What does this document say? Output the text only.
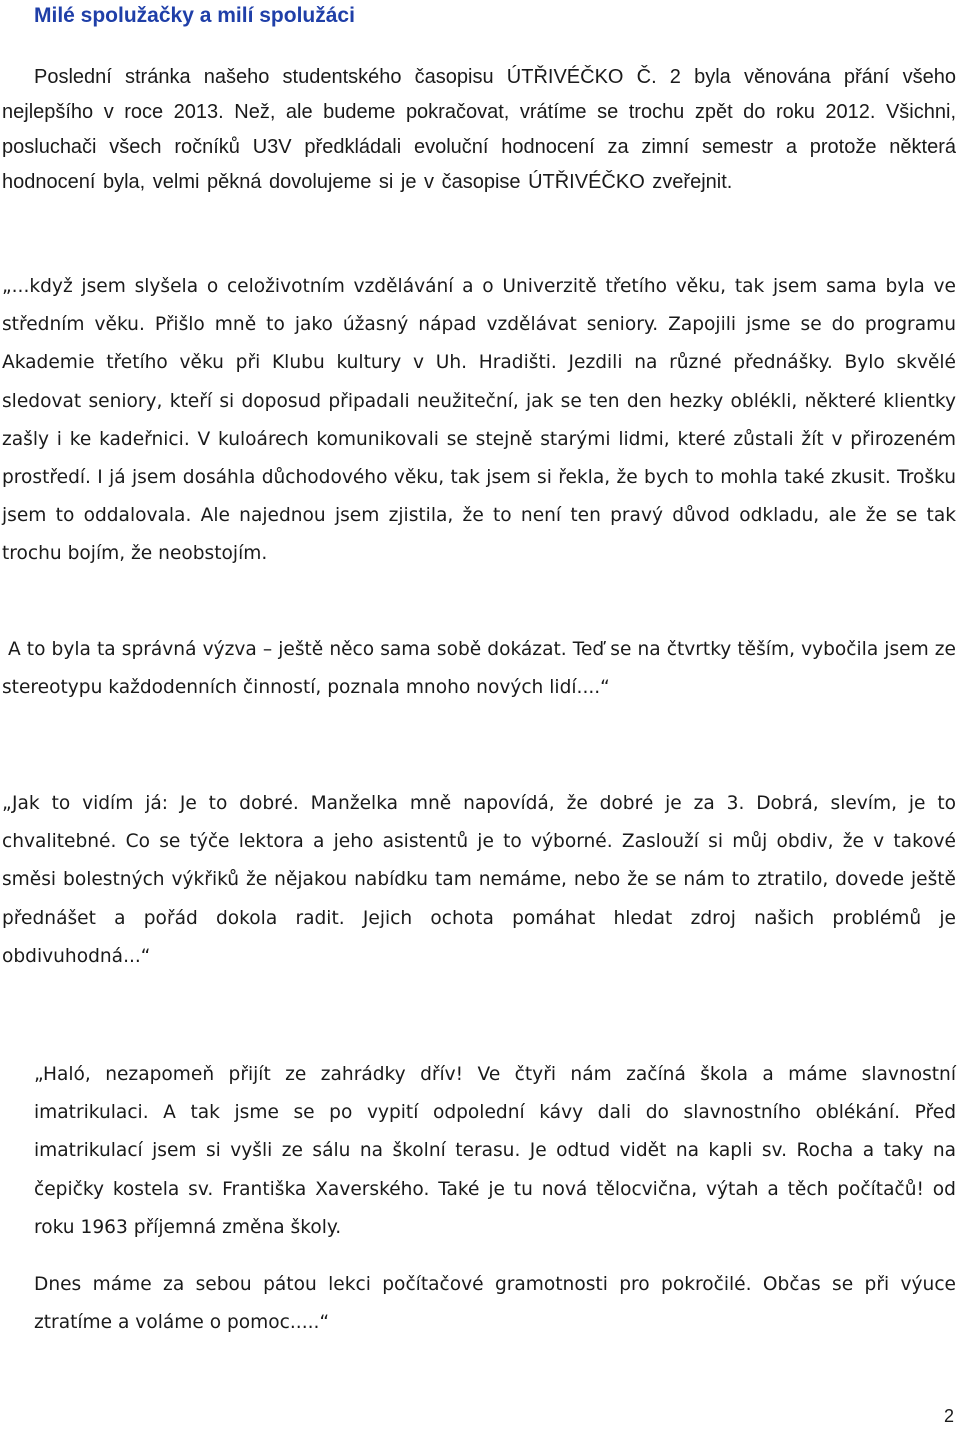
Milé spolužačky a milí spolužáci

Poslední stránka našeho studentského časopisu ÚTŘIVÉČKO Č. 2 byla věnována přání všeho nejlepšího v roce 2013. Než, ale budeme pokračovat, vrátíme se trochu zpět do roku 2012. Všichni, posluchači všech ročníků U3V předkládali evoluční hodnocení za zimní semestr a protože některá hodnocení byla, velmi pěkná dovolujeme si je v časopise ÚTŘIVÉČKO zveřejnit.

„...když jsem slyšela o celoživotním vzdělávání a o Univerzitě třetího věku, tak jsem sama byla ve středním věku. Přišlo mně to jako úžasný nápad vzdělávat seniory. Zapojili jsme se do programu Akademie třetího věku při Klubu kultury v Uh. Hradišti. Jezdili na různé přednášky. Bylo skvělé sledovat seniory, kteří si doposud připadali neužiteční, jak se ten den hezky oblékli, některé klientky zašly i ke kadeřnici. V kuloárech komunikovali se stejně starými lidmi, které zůstali žít v přirozeném prostředí. I já jsem dosáhla důchodového věku, tak jsem si řekla, že bych to mohla také zkusit. Trošku jsem to oddalovala. Ale najednou jsem zjistila, že to není ten pravý důvod odkladu, ale že se tak trochu bojím, že neobstojím.

A to byla ta správná výzva – ještě něco sama sobě dokázat. Teď se na čtvrtky těším, vybočila jsem ze stereotypu každodenních činností, poznala mnoho nových lidí....“

„Jak to vidím já: Je to dobré. Manželka mně napovídá, že dobré je za 3. Dobrá, slevím, je to chvalitebné. Co se týče lektora a jeho asistentů je to výborné. Zaslouží si můj obdiv, že v takové směsi bolestných výkřiků že nějakou nabídku tam nemáme, nebo že se nám to ztratilo, dovede ještě přednášet a pořád dokola radit. Jejich ochota pomáhat hledat zdroj našich problémů je obdivuhodná...“

„Haló, nezapomeň přijít ze zahrádky dřív! Ve čtyři nám začíná škola a máme slavnostní imatrikulaci. A tak jsme se po vypití odpolední kávy dali do slavnostního oblékání. Před imatrikulací jsem si vyšli ze sálu na školní terasu. Je odtud vidět na kapli sv. Rocha a taky na čepičky kostela sv. Františka Xaverského. Také je tu nová tělocvična, výtah a těch počítačů! od roku 1963 příjemná změna školy.

Dnes máme za sebou pátou lekci počítačové gramotnosti pro pokročilé. Občas se při výuce ztratíme a voláme o pomoc.....“

2
